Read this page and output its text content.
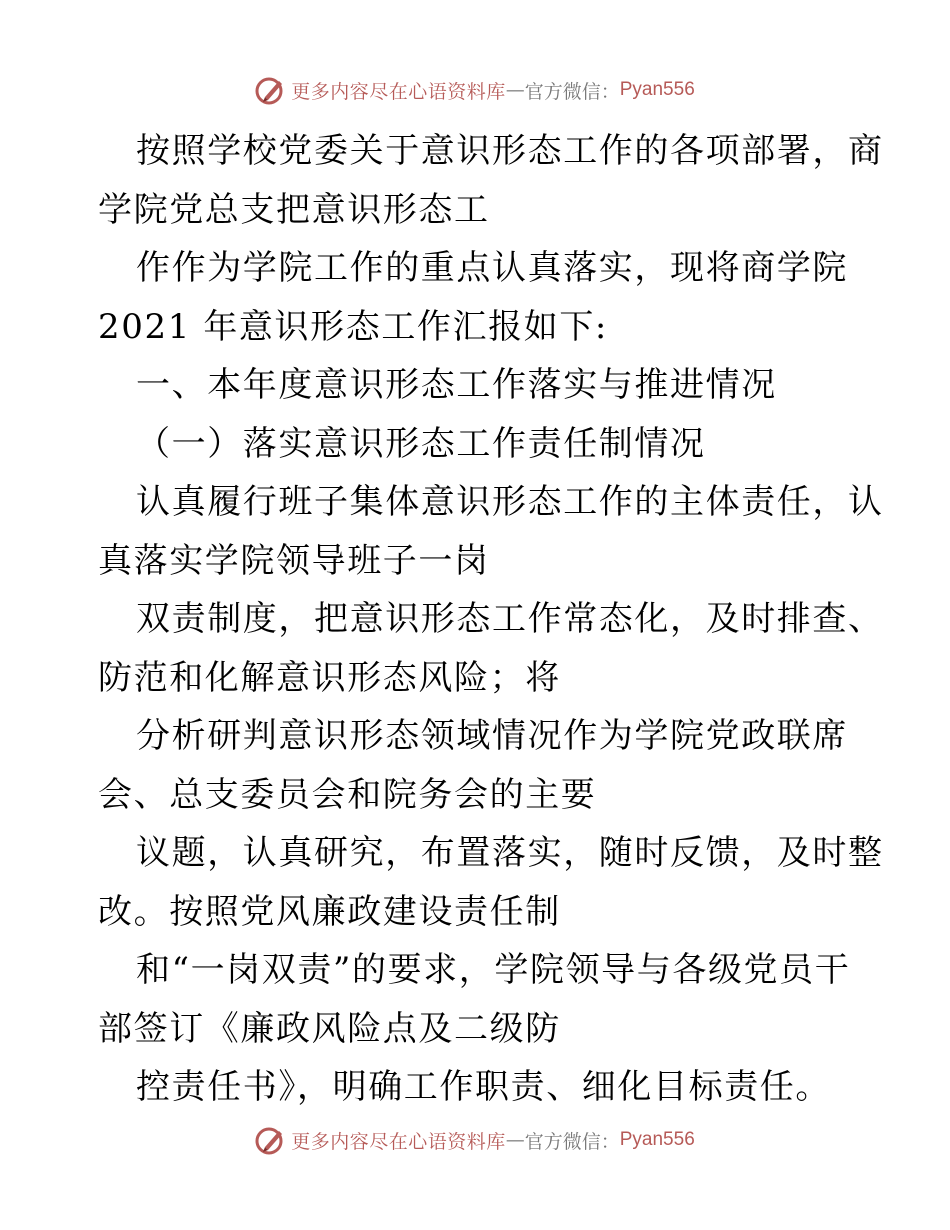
更多内容尽在心语资料库 — 官方微信： Pyan556
按照学校党委关于意识形态工作的各项部署，商
学院党总支把意识形态工
作作为学院工作的重点认真落实，现将商学院
2021 年意识形态工作汇报如下:
一、本年度意识形态工作落实与推进情况
（一）落实意识形态工作责任制情况
认真履行班子集体意识形态工作的主体责任，认
真落实学院领导班子一岗
双责制度，把意识形态工作常态化，及时排查、
防范和化解意识形态风险；将
分析研判意识形态领域情况作为学院党政联席
会、总支委员会和院务会的主要
议题，认真研究，布置落实，随时反馈，及时整
改。按照党风廉政建设责任制
和“一岗双责”的要求，学院领导与各级党员干
部签订《廉政风险点及二级防
控责任书》，明确工作职责、细化目标责任。
更多内容尽在心语资料库 — 官方微信： Pyan556
